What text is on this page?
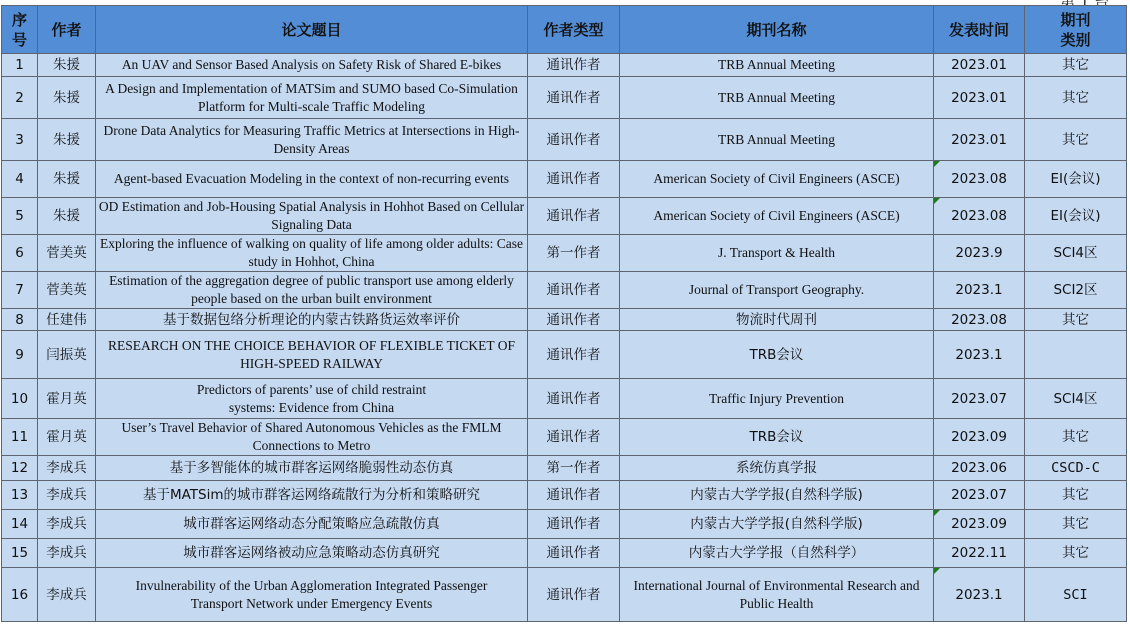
序号	作者	论文题目	作者类型	期刊名称	发表时间	期刊类别
1	朱援	An UAV and Sensor Based Analysis on Safety Risk of Shared E-bikes	通讯作者	TRB Annual Meeting	2023.01	其它
2	朱援	A Design and Implementation of MATSim and SUMO based Co-Simulation Platform for Multi-scale Traffic Modeling	通讯作者	TRB Annual Meeting	2023.01	其它
3	朱援	Drone Data Analytics for Measuring Traffic Metrics at Intersections in High-Density Areas	通讯作者	TRB Annual Meeting	2023.01	其它
4	朱援	Agent-based Evacuation Modeling in the context of non-recurring events	通讯作者	American Society of Civil Engineers (ASCE)	2023.08	EI(会议)
5	朱援	OD Estimation and Job-Housing Spatial Analysis in Hohhot Based on Cellular Signaling Data	通讯作者	American Society of Civil Engineers (ASCE)	2023.08	EI(会议)
6	菅美英	Exploring the influence of walking on quality of life among older adults: Case study in Hohhot, China	第一作者	J. Transport & Health	2023.9	SCI4区
7	菅美英	Estimation of the aggregation degree of public transport use among elderly people based on the urban built environment	通讯作者	Journal of Transport Geography.	2023.1	SCI2区
8	任建伟	基于数据包络分析理论的内蒙古铁路货运效率评价	通讯作者	物流时代周刊	2023.08	其它
9	闫振英	RESEARCH ON THE CHOICE BEHAVIOR OF FLEXIBLE TICKET OF HIGH-SPEED RAILWAY	通讯作者	TRB会议	2023.1	
10	霍月英	Predictors of parents’ use of child restraint systems: Evidence from China	通讯作者	Traffic Injury Prevention	2023.07	SCI4区
11	霍月英	User’s Travel Behavior of Shared Autonomous Vehicles as the FMLM Connections to Metro	通讯作者	TRB会议	2023.09	其它
12	李成兵	基于多智能体的城市群客运网络脆弱性动态仿真	第一作者	系统仿真学报	2023.06	CSCD-C
13	李成兵	基于MATSim的城市群客运网络疏散行为分析和策略研究	通讯作者	内蒙古大学学报(自然科学版)	2023.07	其它
14	李成兵	城市群客运网络动态分配策略应急疏散仿真	通讯作者	内蒙古大学学报(自然科学版)	2023.09	其它
15	李成兵	城市群客运网络被动应急策略动态仿真研究	通讯作者	内蒙古大学学报（自然科学）	2022.11	其它
16	李成兵	Invulnerability of the Urban Agglomeration Integrated Passenger Transport Network under Emergency Events	通讯作者	International Journal of Environmental Research and Public Health	2023.1	SCI
